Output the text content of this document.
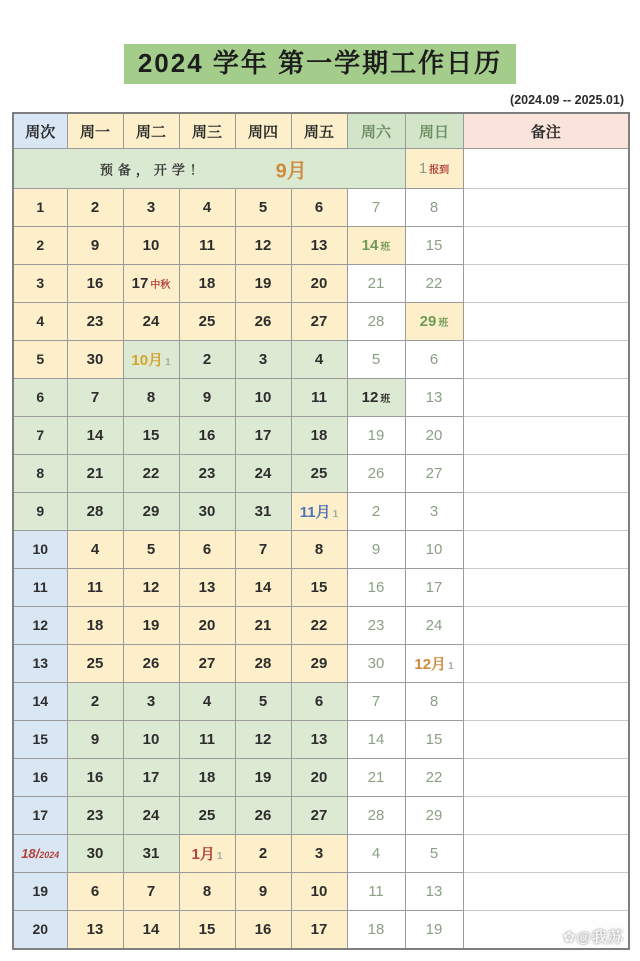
2024 学年 第一学期工作日历
(2024.09 -- 2025.01)
周次	周一	周二	周三	周四	周五	周六	周日	备注

预备，开学！ 9月							1 报到	
1	2	3	4	5	6	7	8	
2	9	10	11	12	13	14 班	15	
3	16	17 中秋	18	19	20	21	22	
4	23	24	25	26	27	28	29 班	
5	30	10月 1	2	3	4	5	6	
6	7	8	9	10	11	12 班	13	
7	14	15	16	17	18	19	20	
8	21	22	23	24	25	26	27	
9	28	29	30	31	11月 1	2	3	
10	4	5	6	7	8	9	10	
11	11	12	13	14	15	16	17	
12	18	19	20	21	22	23	24	
13	25	26	27	28	29	30	12月 1	
14	2	3	4	5	6	7	8	
15	9	10	11	12	13	14	15	
16	16	17	18	19	20	21	22	
17	23	24	25	26	27	28	29	
18/2024	30	31	1月 1	2	3	4	5	
19	6	7	8	9	10	11	13	
20	13	14	15	16	17	18	19		✿@我苏
